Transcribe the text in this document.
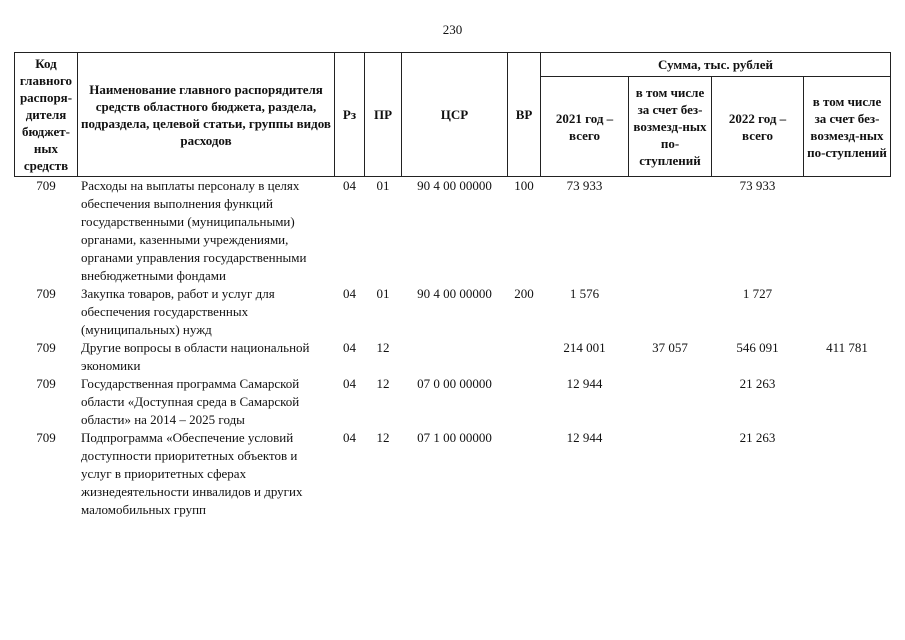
230
Код главного распоря-дителя бюджет-ных средств	Наименование главного распорядителя средств областного бюджета, раздела, подраздела, целевой статьи, группы видов расходов	Рз	ПР	ЦСР	ВР	Сумма, тыс. рублей			
						2021 год – всего	в том числе за счет без-возмезд-ных по-ступлений	2022 год – всего	в том числе за счет без-возмезд-ных по-ступлений
709	Расходы на выплаты персоналу в целях обеспечения выполнения функций государственными (муниципальными) органами, казенными учреждениями, органами управления государственными внебюджетными фондами	04	01	90 4 00 00000	100	73 933		73 933	
709	Закупка товаров, работ и услуг для обеспечения государственных (муниципальных) нужд	04	01	90 4 00 00000	200	1 576		1 727	
709	Другие вопросы в области национальной экономики	04	12			214 001	37 057	546 091	411 781
709	Государственная программа Самарской области «Доступная среда в Самарской области» на 2014 – 2025 годы	04	12	07 0 00 00000		12 944		21 263	
709	Подпрограмма «Обеспечение условий доступности приоритетных объектов и услуг в приоритетных сферах жизнедеятельности инвалидов и других маломобильных групп	04	12	07 1 00 00000		12 944		21 263	
